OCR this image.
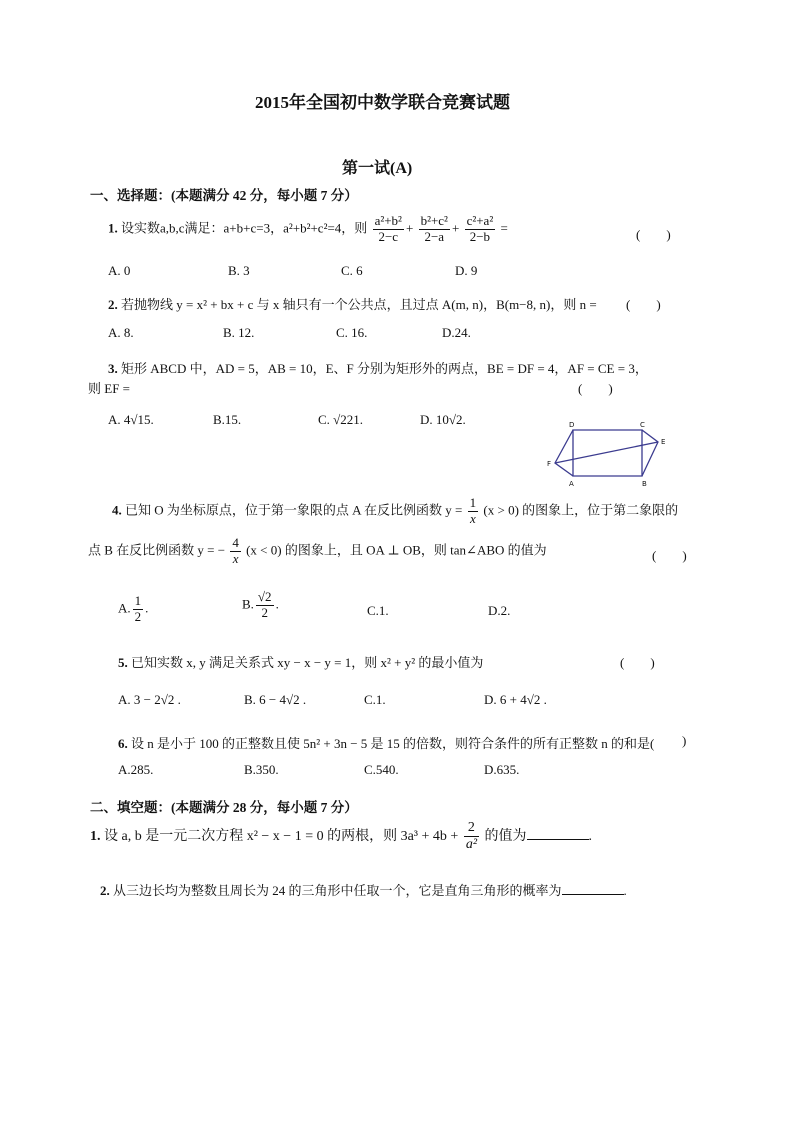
2015年全国初中数学联合竞赛试题
第一试(A)
一、选择题：(本题满分 42 分，每小题 7 分）
1. 设实数a,b,c满足：a+b+c=3，a²+b²+c²=4，则 $\frac{\text{a²+b²}}{2-c} + \frac{\text{b²+c²}}{2-a} + \frac{\text{c²+a²}}{2-b}$ =	(　　)
A. 0	B. 3	C. 6	D. 9
2. 若抛物线 y = x² + bx + c 与 x 轴只有一个公共点，且过点 A(m, n)，B(m−8, n)，则 n = (　　)
A. 8.	B. 12.	C. 16.	D.24.
3. 矩形 ABCD 中，AD = 5，AB = 10，E、F 分别为矩形外的两点，BE = DF = 4，AF = CE = 3，
则 EF =	(　　)
A. 4√15.	B.15.	C. √221.	D. 10√2.	D	C
E
F
A	B
4. 已知 O 为坐标原点，位于第一象限的点 A 在反比例函数 $y = \frac{1}{x} (x > 0)$ 的图象上，位于第二象限的
点 B 在反比例函数 y = − $\frac{4}{x} (x < 0)$ 的图象上，且 OA ⊥ OB，则 tan∠ABO 的值为	(　　)
A. $\frac{1}{2}$ .	B. $\frac{√2}{2}$ .	C.1.	D.2.
5. 已知实数 x, y 满足关系式 xy − x − y = 1，则 x² + y² 的最小值为	(　　)
A. 3 − 2√2 .	B. 6 − 4√2 .	C.1.	D. 6 + 4√2 .
6. 设 n 是小于 100 的正整数且使 5n² + 3n − 5 是 15 的倍数，则符合条件的所有正整数 n 的和是( )
A.285.	B.350.	C.540.	D.635.
二、填空题：(本题满分 28 分，每小题 7 分）
1. 设 a, b 是一元二次方程 x² − x − 1 = 0 的两根，则 $3a^3 + 4b + \frac{2}{\text{a²}}$ 的值为	.
2. 从三边长均为整数且周长为 24 的三角形中任取一个，它是直角三角形的概率为	.
